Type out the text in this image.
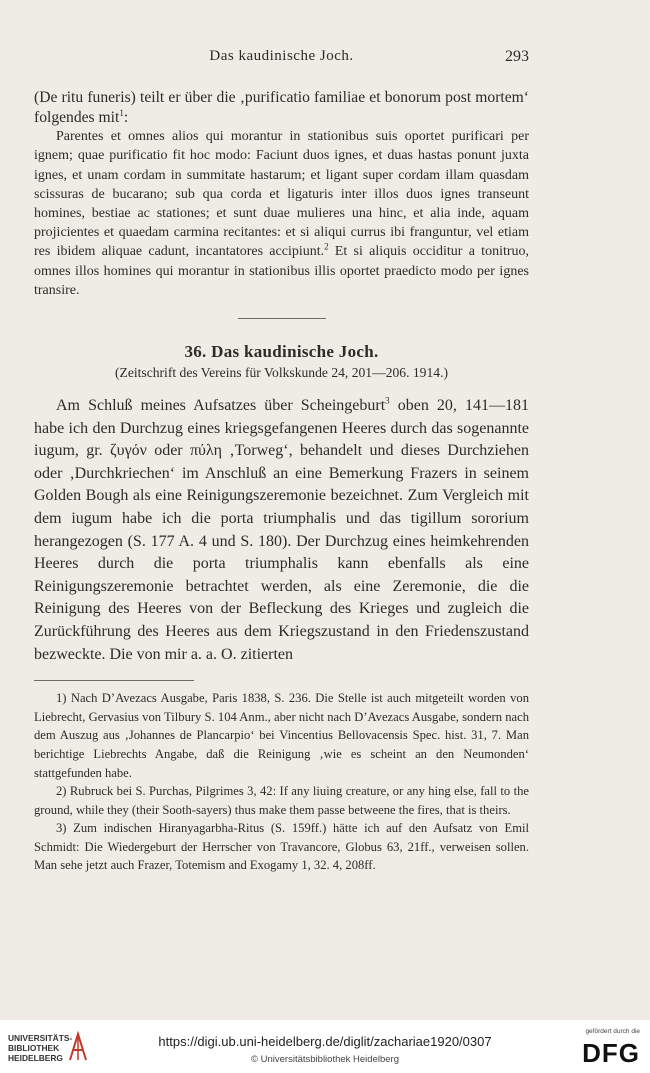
Das kaudinische Joch.	293

(De ritu funeris) teilt er über die ‚purificatio familiae et bonorum post mortem‘ folgendes mit$^1$:

Parentes et omnes alios qui morantur in stationibus suis oportet purificari per ignem; quae purificatio fit hoc modo: Faciunt duos ignes, et duas hastas ponunt juxta ignes, et unam cordam in summitate hastarum; et ligant super cordam illam quasdam scissuras de bucarano; sub qua corda et ligaturis inter illos duos ignes transeunt homines, bestiae ac stationes; et sunt duae mulieres una hinc, et alia inde, aquam projicientes et quaedam carmina recitantes: et si aliqui currus ibi franguntur, vel etiam res ibidem aliquae cadunt, incantatores accipiunt.$^2$ Et si aliquis occiditur a tonitruo, omnes illos homines qui morantur in stationibus illis oportet praedicto modo per ignes transire.

36. Das kaudinische Joch.

(Zeitschrift des Vereins für Volkskunde 24, 201—206. 1914.)

Am Schluß meines Aufsatzes über Scheingeburt$^3$ oben 20, 141—181 habe ich den Durchzug eines kriegsgefangenen Heeres durch das sogenannte iugum, gr. ζυγόν oder πύλη ‚Torweg‘, behandelt und dieses Durchziehen oder ‚Durchkriechen‘ im Anschluß an eine Bemerkung Frazers in seinem Golden Bough als eine Reinigungszeremonie bezeichnet. Zum Vergleich mit dem iugum habe ich die porta triumphalis und das tigillum sororium herangezogen (S. 177 A. 4 und S. 180). Der Durchzug eines heimkehrenden Heeres durch die porta triumphalis kann ebenfalls als eine Reinigungszeremonie betrachtet werden, als eine Zeremonie, die die Reinigung des Heeres von der Befleckung des Krieges und zugleich die Zurückführung des Heeres aus dem Kriegszustand in den Friedenszustand bezweckte. Die von mir a. a. O. zitierten

1) Nach D’Avezacs Ausgabe, Paris 1838, S. 236. Die Stelle ist auch mitgeteilt worden von Liebrecht, Gervasius von Tilbury S. 104 Anm., aber nicht nach D’Avezacs Ausgabe, sondern nach dem Auszug aus ‚Johannes de Plancarpio‘ bei Vincentius Bellovacensis Spec. hist. 31, 7. Man berichtige Liebrechts Angabe, daß die Reinigung ‚wie es scheint an den Neumonden‘ stattgefunden habe.

2) Rubruck bei S. Purchas, Pilgrimes 3, 42: If any liuing creature, or any hing else, fall to the ground, while they (their Sooth-sayers) thus make them passe betweene the fires, that is theirs.

3) Zum indischen Hiranyagarbha-Ritus (S. 159ff.) hätte ich auf den Aufsatz von Emil Schmidt: Die Wiedergeburt der Herrscher von Travancore, Globus 63, 21ff., verweisen sollen. Man sehe jetzt auch Frazer, Totemism and Exogamy 1, 32. 4, 208ff.

UNIVERSITÄTS-
BIBLIOTHEK
HEIDELBERG
https://digi.ub.uni-heidelberg.de/diglit/zachariae1920/0307
© Universitätsbibliothek Heidelberg
gefördert durch die
DFG
